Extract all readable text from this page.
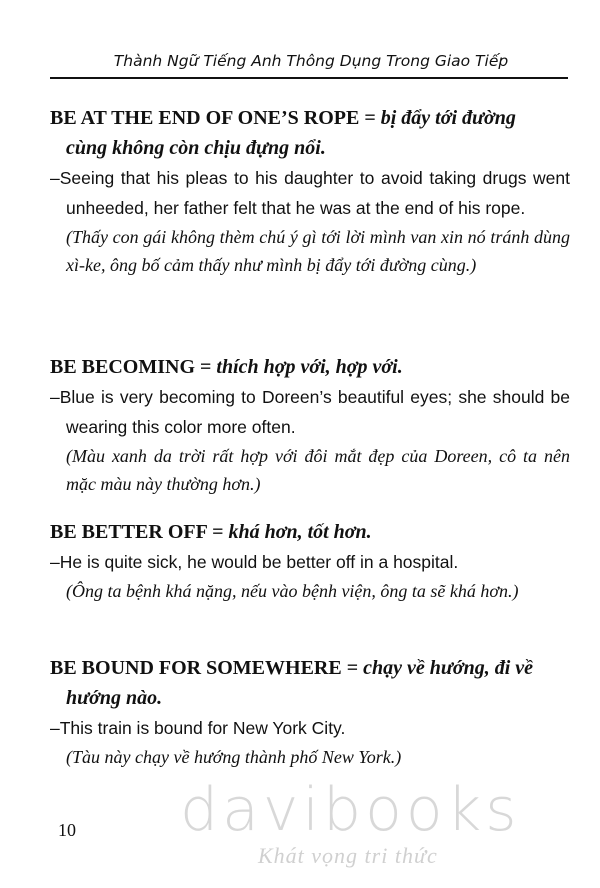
Thành Ngữ Tiếng Anh Thông Dụng Trong Giao Tiếp
BE AT THE END OF ONE’S ROPE = bị đẩy tới đường
cùng không còn chịu đựng nổi.
–Seeing that his pleas to his daughter to avoid taking drugs went unheeded, her father felt that he was at the end of his rope.
(Thấy con gái không thèm chú ý gì tới lời mình van xin nó tránh dùng xì-ke, ông bố cảm thấy như mình bị đẩy tới đường cùng.)
BE BECOMING = thích hợp với, hợp với.
–Blue is very becoming to Doreen’s beautiful eyes; she should be wearing this color more often.
(Màu xanh da trời rất hợp với đôi mắt đẹp của Doreen, cô ta nên mặc màu này thường hơn.)
BE BETTER OFF = khá hơn, tốt hơn.
–He is quite sick, he would be better off in a hospital.
(Ông ta bệnh khá nặng, nếu vào bệnh viện, ông ta sẽ khá hơn.)
BE BOUND FOR SOMEWHERE = chạy về hướng, đi về
hướng nào.
–This train is bound for New York City.
(Tàu này chạy về hướng thành phố New York.)
davibooks
Khát vọng tri thức
10
